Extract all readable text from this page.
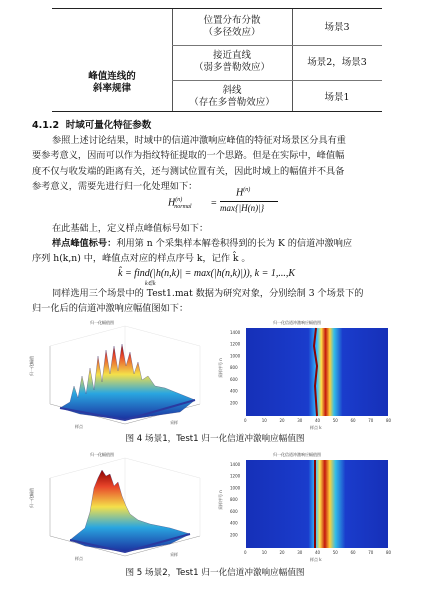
位置分布分散
（多径效应）	场景3
峰值连线的
斜率规律
接近直线
（弱多普勒效应）	场景2，场景3
斜线
（存在多普勒效应）	场景1
4.1.2 时域可量化特征参数
参照上述讨论结果，时域中的信道冲激响应峰值的特征对场景区分具有重
要参考意义，因而可以作为指纹特征提取的一个思路。但是在实际中，峰值幅
度不仅与收发端的距离有关，还与测试位置有关，因此时域上的幅值并不具备
参考意义，需要先进行归一化处理如下：
$H^{(n)}_{normal}$ =
$H^{(n)}$
max{|H(n)|}
在此基础上，定义样点峰值标号如下：
样点峰值标号：利用第 n 个采集样本解卷积得到的长为 K 的信道冲激响应
序列 h(k,n) 中，峰值点对应的样点序号 k，记作 k̂ 。
k̂ = find(|h(n,k)| = max(|h(n,k)|)), k = 1,...,K
k∈k
同样选用三个场景中的 Test1.mat 数据为研究对象，分别绘制 3 个场景下的
归一化后的信道冲激响应幅值图如下：
归一化幅值图
归一化幅值
样点
采样
归一化信道冲激响应幅值图
200
400
600
800
1000
1200
1400
0	10	20	30	40	50	60	70	80
采样序号 n
样点 k
图 4 场景1，Test1 归一化信道冲激响应幅值图
归一化幅值图
归一化幅值
样点
采样
归一化信道冲激响应幅值图
200
400
600
800
1000
1200
1400
0	10	20	30	40	50	60	70	80
采样序号 n
样点 k
图 5 场景2，Test1 归一化信道冲激响应幅值图
